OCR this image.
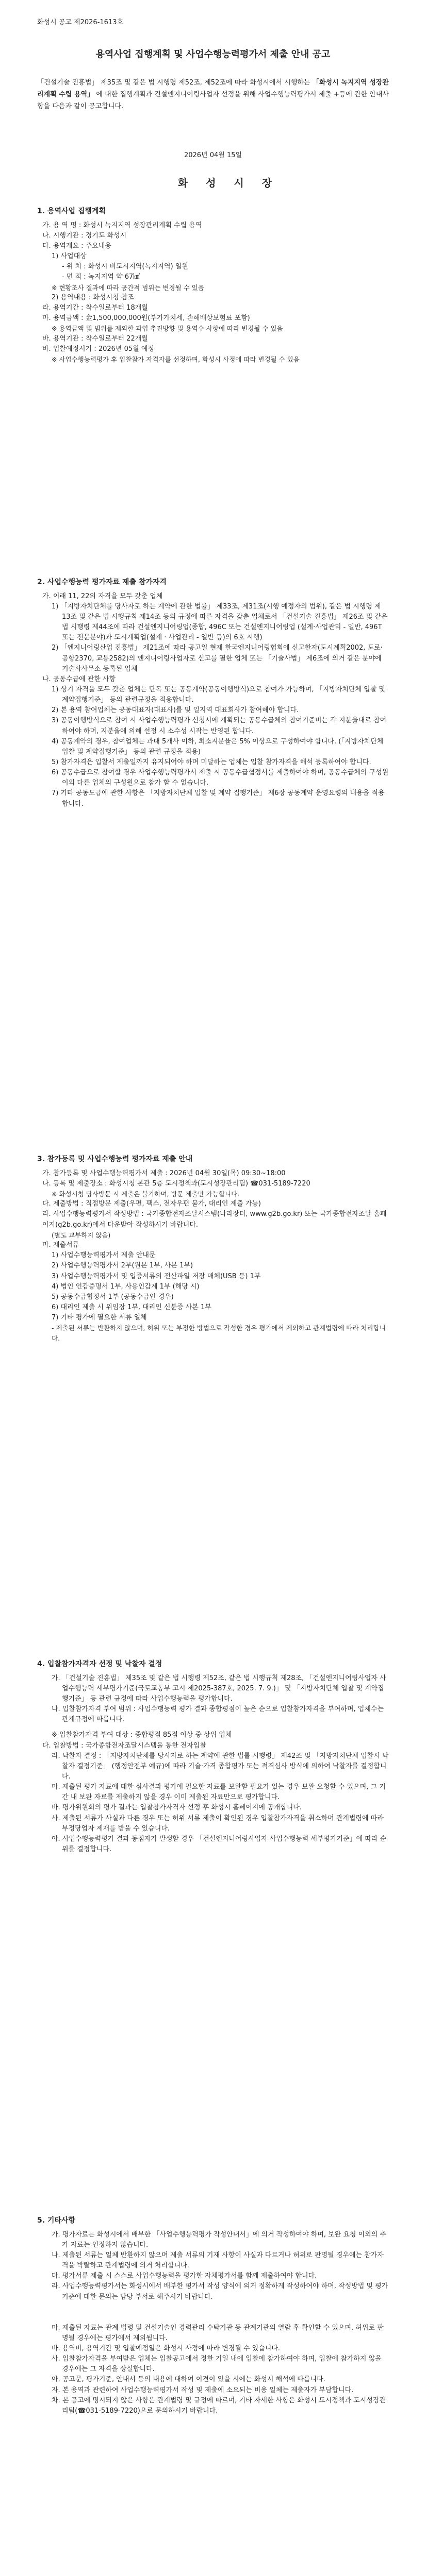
화성시 공고 제2026-1613호
용역사업 집행계획 및 사업수행능력평가서 제출 안내 공고
「건설기술 진흥법」 제35조 및 같은 법 시행령 제52조, 제52조에 따라 화성시에서 시행하는 「화성시 녹지지역 성장관리계획 수립 용역」 에 대한 집행계획과 건설엔지니어링사업자 선정을 위해 사업수행능력평가서 제출 +등에 관한 안내사항을 다음과 같이 공고합니다.
2026년 04월 15일
화 성 시 장
1. 용역사업 집행계획
가. 용 역 명 : 화성시 녹지지역 성장관리계획 수립 용역
나. 시행기관 : 경기도 화성시
다. 용역개요 : 주요내용
1) 사업대상
- 위 치 : 화성시 비도시지역(녹지지역) 일원
- 면 적 : 녹지지역 약 67㎢
※ 현황조사 결과에 따라 공간적 범위는 변경될 수 있음
2) 용역내용 : 화성시청 참조
라. 용역기간 : 착수일로부터 18개월
마. 용역금액 : 金1,500,000,000원(부가가치세, 손해배상보험료 포함)
※ 용역금액 및 범위를 제외한 과업 추진방향 및 용역수 사항에 따라 변경될 수 있음
바. 용역기관 : 착수일로부터 22개월
바. 입찰예정시기 : 2026년 05월 예정
※ 사업수행능력평가 후 입찰참가 자격자를 선정하며, 화성시 사정에 따라 변경될 수 있음
2. 사업수행능력 평가자료 제출 참가자격
가. 이래 11, 22의 자격을 모두 갖춘 업체
1) 「지방자치단체를 당사자로 하는 계약에 관한 법률」 제33조, 제31조(시행 예정자의 범위), 같은 법 시행령 제13조 및 같은 법 시행규칙 제14조 등의 규정에 따른 자격을 갖춘 업체로서 「건설기술 진흥법」 제26조 및 같은 법 시행령 제44조에 따라 건설엔지니어링업(종합, 496C 또는 건설엔지니어링업 (설계·사업관리 - 일반, 496T 또는 전문분야)과 도시계획업(설계 · 사업관리 - 일반 등)의 6호 시행)
2) 「엔지니어링산업 진흥법」 제21조에 따라 공고일 현재 한국엔지니어링협회에 신고한자(도시계획2002, 도로·공항2370, 교통2582)의 엔지니어링사업자로 신고를 필한 업체 또는 「기술사법」 제6조에 의거 같은 분야에 기술사사무소 등록된 업체
나. 공동수급에 관한 사항
1) 상기 자격을 모두 갖춘 업체는 단독 또는 공동계약(공동이행방식)으로 참여가 가능하며, 「지방자치단체 입찰 및 계약집행기준」 등의 관련규정을 적용합니다.
2) 본 용역 참여업체는 공동대표자(대표사)를 및 일지역 대표회사가 참여해야 합니다.
3) 공동이행방식으로 참여 시 사업수행능력평가 신청서에 계획되는 공동수급체의 참여기준비는 각 지분율대로 참여하여야 하며, 지분율에 의해 선정 시 소수성 시작는 반영된 합니다.
4) 공동계약의 경우, 참여업체는 과대 5개사 이하, 최소지분율은 5% 이상으로 구성하여야 합니다. (「지방자치단체 입찰 및 계약집행기준」 등의 관련 규정을 적용)
5) 참가자격은 입찰서 제출일까지 유지되어야 하며 미달하는 업체는 입찰 참가자격을 해석 등록하여야 합니다.
6) 공동수급으로 참여할 경우 사업수행능력평가서 제출 시 공동수급협정서를 제출하여야 하며, 공동수급체의 구성원 이외 다른 업체의 구성원으로 참가 할 수 없습니다.
7) 기타 공동도급에 관한 사항은 「지방자치단체 입찰 및 계약 집행기준」 제6장 공동계약 운영요령의 내용을 적용합니다.
3. 참가등록 및 사업수행능력 평가자료 제출 안내
가. 참가등록 및 사업수행능력평가서 제출 : 2026년 04월 30일(목) 09:30~18:00
나. 등록 및 제출장소 : 화성시청 본관 5층 도시정책과(도시성장관리팀) ☎031-5189-7220
※ 화성시청 당사방문 시 제출은 불가하며, 방문 제출만 가능합니다.
다. 제출방법 : 직접방문 제출(우편, 팩스, 전자우편 불가, 대리인 제출 가능)
라. 사업수행능력평가서 작성방법 : 국가종합전자조달시스템(나라장터, www.g2b.go.kr) 또는 국가종합전자조달 홈페이지(g2b.go.kr)에서 다운받아 작성하시기 바랍니다.
(별도 교부하지 않음)
마. 제출서류
1) 사업수행능력평가서 제출 안내문
2) 사업수행능력평가서 2부(원본 1부, 사본 1부)
3) 사업수행능력평가서 및 입증서류의 전산파일 저장 매체(USB 등) 1부
4) 법인 인감증명서 1부, 사용인감계 1부 (해당 시)
5) 공동수급협정서 1부 (공동수급인 경우)
6) 대리인 제출 시 위임장 1부, 대리인 신분증 사본 1부
7) 기타 평가에 필요한 서류 일체
- 제출된 서류는 반환하지 않으며, 허위 또는 부정한 방법으로 작성한 경우 평가에서 제외하고 관계법령에 따라 처리합니다.
4. 입찰참가자격자 선정 및 낙찰자 결정
가. 「건설기술 진흥법」 제35조 및 같은 법 시행령 제52조, 같은 법 시행규칙 제28조, 「건설엔지니어링사업자 사업수행능력 세부평가기준(국토교통부 고시 제2025-387호, 2025. 7. 9.)」 및 「지방자치단체 입찰 및 계약집행기준」 등 관련 규정에 따라 사업수행능력을 평가합니다.
나. 입찰참가자격 부여 범위 : 사업수행능력 평가 결과 종합평점이 높은 순으로 입찰참가자격을 부여하며, 업체수는 관계규정에 따릅니다.
※ 입찰참가자격 부여 대상 : 종합평점 85점 이상 중 상위 업체
다. 입찰방법 : 국가종합전자조달시스템을 통한 전자입찰
라. 낙찰자 결정 : 「지방자치단체를 당사자로 하는 계약에 관한 법률 시행령」 제42조 및 「지방자치단체 입찰시 낙찰자 결정기준」 (행정안전부 예규)에 따라 기술·가격 종합평가 또는 적격심사 방식에 의하여 낙찰자를 결정합니다.
마. 제출된 평가 자료에 대한 심사결과 평가에 필요한 자료를 보완할 필요가 있는 경우 보완 요청할 수 있으며, 그 기간 내 보완 자료를 제출하지 않을 경우 이미 제출된 자료만으로 평가합니다.
바. 평가위원회의 평가 결과는 입찰참가자격자 선정 후 화성시 홈페이지에 공개합니다.
사. 제출된 서류가 사실과 다른 경우 또는 허위 서류 제출이 확인된 경우 입찰참가자격을 취소하며 관계법령에 따라 부정당업자 제재를 받을 수 있습니다.
아. 사업수행능력평가 결과 동점자가 발생할 경우 「건설엔지니어링사업자 사업수행능력 세부평가기준」에 따라 순위를 결정합니다.
5. 기타사항
가. 평가자료는 화성시에서 배부한 「사업수행능력평가 작성안내서」에 의거 작성하여야 하며, 보완 요청 이외의 추가 자료는 인정하지 않습니다.
나. 제출된 서류는 일체 반환하지 않으며 제출 서류의 기재 사항이 사실과 다르거나 허위로 판명될 경우에는 참가자격을 박탈하고 관계법령에 의거 처리합니다.
다. 평가서류 제출 시 스스로 사업수행능력을 평가한 자체평가서를 함께 제출하여야 합니다.
라. 사업수행능력평가서는 화성시에서 배부한 평가서 작성 양식에 의거 정확하게 작성하여야 하며, 작성방법 및 평가 기준에 대한 문의는 담당 부서로 해주시기 바랍니다.
마. 제출된 자료는 관계 법령 및 건설기술인 경력관리 수탁기관 등 관계기관의 열람 후 확인할 수 있으며, 허위로 판명될 경우에는 평가에서 제외됩니다.
바. 용역비, 용역기간 및 입찰예정일은 화성시 사정에 따라 변경될 수 있습니다.
사. 입찰참가자격을 부여받은 업체는 입찰공고에서 정한 기일 내에 입찰에 참가하여야 하며, 입찰에 참가하지 않을 경우에는 그 자격을 상실합니다.
아. 공고문, 평가기준, 안내서 등의 내용에 대하여 이견이 있을 시에는 화성시 해석에 따릅니다.
자. 본 용역과 관련하여 사업수행능력평가서 작성 및 제출에 소요되는 비용 일체는 제출자가 부담합니다.
차. 본 공고에 명시되지 않은 사항은 관계법령 및 규정에 따르며, 기타 자세한 사항은 화성시 도시정책과 도시성장관리팀(☎031-5189-7220)으로 문의하시기 바랍니다.
